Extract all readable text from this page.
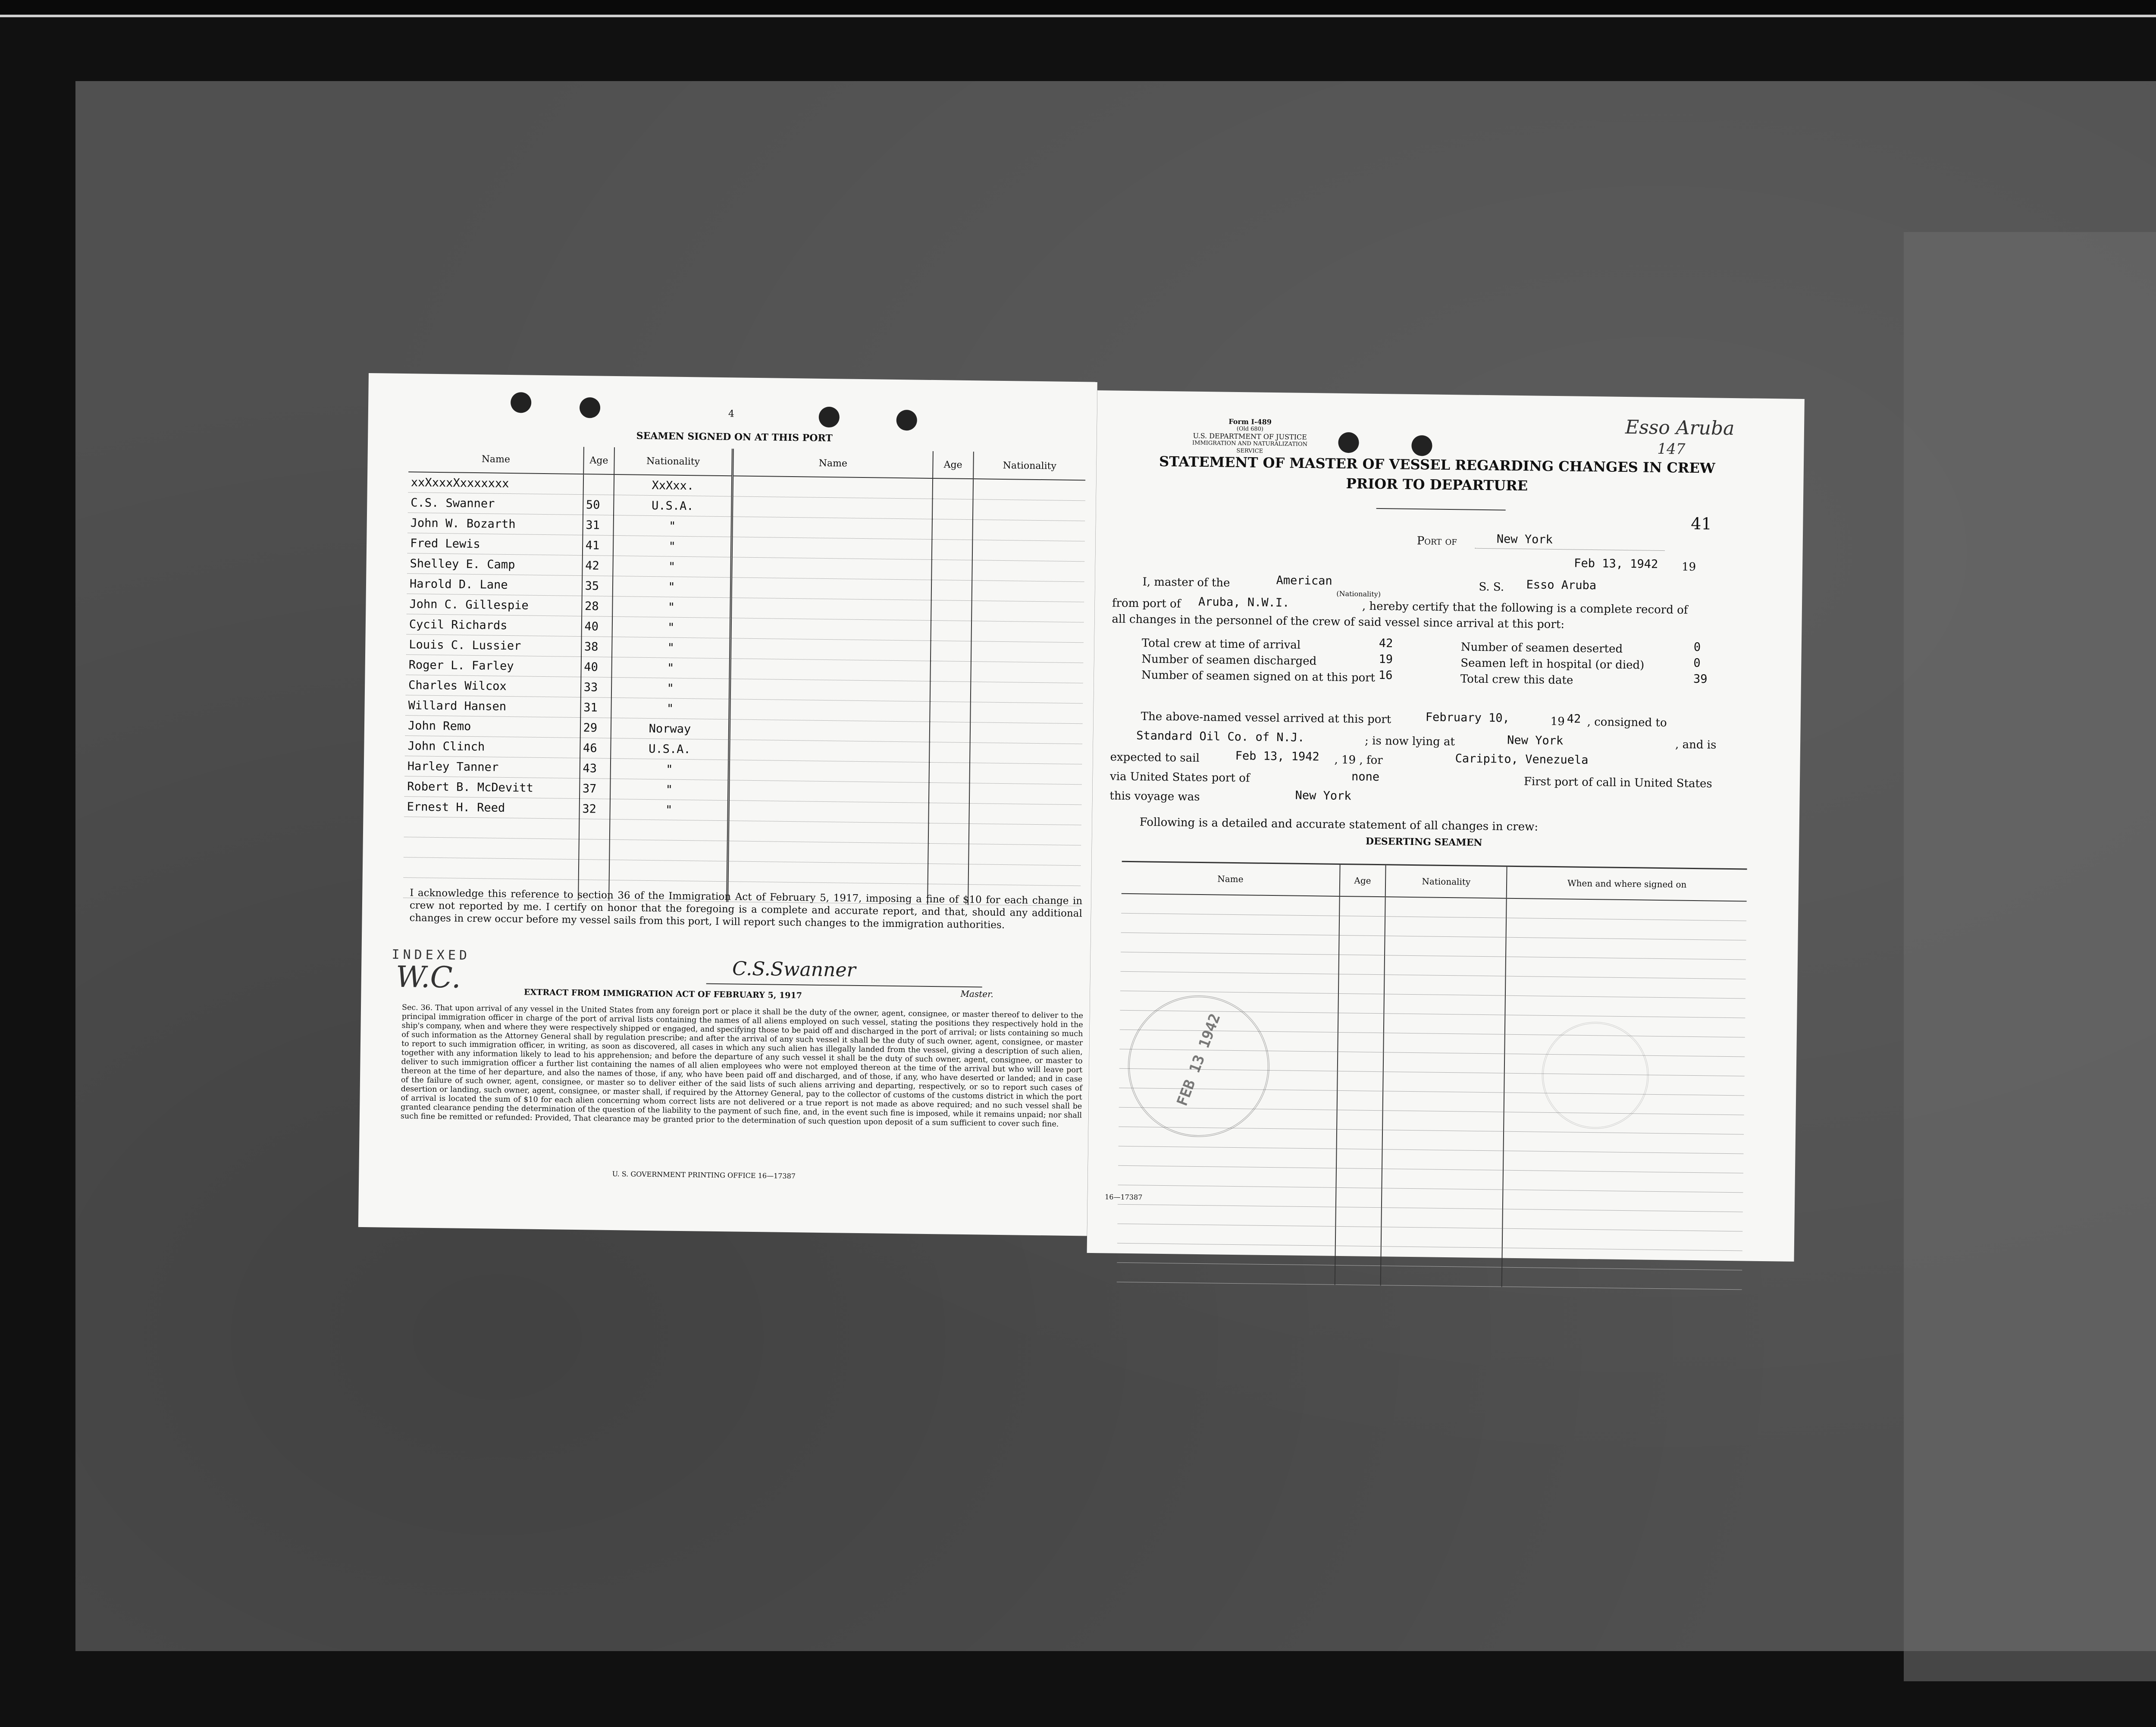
4
SEAMEN SIGNED ON AT THIS PORT
Name	Age	Nationality	Name	Age	Nationality
xxXxxxXxxxxxxx		XxXxx.			
C.S. Swanner	50	U.S.A.			
John W. Bozarth	31	"			
Fred Lewis	41	"			
Shelley E. Camp	42	"			
Harold D. Lane	35	"			
John C. Gillespie	28	"			
Cycil Richards	40	"			
Louis C. Lussier	38	"			
Roger L. Farley	40	"			
Charles Wilcox	33	"			
Willard Hansen	31	"			
John Remo	29	Norway			
John Clinch	46	U.S.A.			
Harley Tanner	43	"			
Robert B. McDevitt	37	"			
Ernest H. Reed	32	"			

I acknowledge this reference to section 36 of the Immigration Act of February 5, 1917, imposing a fine of $10 for each change in crew not reported by me. I certify on honor that the foregoing is a complete and accurate report, and that, should any additional changes in crew occur before my vessel sails from this port, I will report such changes to the immigration authorities.
INDEXED
W.C.	C.S.Swanner
Master.
EXTRACT FROM IMMIGRATION ACT OF FEBRUARY 5, 1917
Sec. 36. That upon arrival of any vessel in the United States from any foreign port or place it shall be the duty of the owner, agent, consignee, or master thereof to deliver to the principal immigration officer in charge of the port of arrival lists containing the names of all aliens employed on such vessel, stating the positions they respectively hold in the ship's company, when and where they were respectively shipped or engaged, and specifying those to be paid off and discharged in the port of arrival; or lists containing so much of such information as the Attorney General shall by regulation prescribe; and after the arrival of any such vessel it shall be the duty of such owner, agent, consignee, or master to report to such immigration officer, in writing, as soon as discovered, all cases in which any such alien has illegally landed from the vessel, giving a description of such alien, together with any information likely to lead to his apprehension; and before the departure of any such vessel it shall be the duty of such owner, agent, consignee, or master to deliver to such immigration officer a further list containing the names of all alien employees who were not employed thereon at the time of the arrival but who will leave port thereon at the time of her departure, and also the names of those, if any, who have been paid off and discharged, and of those, if any, who have deserted or landed; and in case of the failure of such owner, agent, consignee, or master so to deliver either of the said lists of such aliens arriving and departing, respectively, or so to report such cases of desertion or landing, such owner, agent, consignee, or master shall, if required by the Attorney General, pay to the collector of customs of the customs district in which the port of arrival is located the sum of $10 for each alien concerning whom correct lists are not delivered or a true report is not made as above required; and no such vessel shall be granted clearance pending the determination of the question of the liability to the payment of such fine, and, in the event such fine is imposed, while it remains unpaid; nor shall such fine be remitted or refunded: Provided, That clearance may be granted prior to the determination of such question upon deposit of a sum sufficient to cover such fine.
U. S. GOVERNMENT PRINTING OFFICE 16—17387
Form I-489
(Old 680)
U.S. DEPARTMENT OF JUSTICE
IMMIGRATION AND NATURALIZATION SERVICE
Esso Aruba
147
STATEMENT OF MASTER OF VESSEL REGARDING CHANGES IN CREW
PRIOR TO DEPARTURE
41
Port of	New York
Feb 13, 1942 19
I, master of the	American
(Nationality)
S. S. Esso Aruba
from port of Aruba, N.W.I.	, hereby certify that the following is a complete record of
all changes in the personnel of the crew of said vessel since arrival at this port:
Total crew at time of arrival	42	Number of seamen deserted	0
Number of seamen discharged	19	Seamen left in hospital (or died)	0
Number of seamen signed on at this port 16	Total crew this date	39
The above-named vessel arrived at this port	February 10,	19 42 , consigned to
Standard Oil Co. of N.J.	; is now lying at	New York	, and is
expected to sail	Feb 13, 1942 , 19 , for	Caripito, Venezuela
via United States port of	none	First port of call in United States
this voyage was	New York
Following is a detailed and accurate statement of all changes in crew:
DESERTING SEAMEN
Name	Age	Nationality	When and where signed on

FEB 13 1942
16—17387
